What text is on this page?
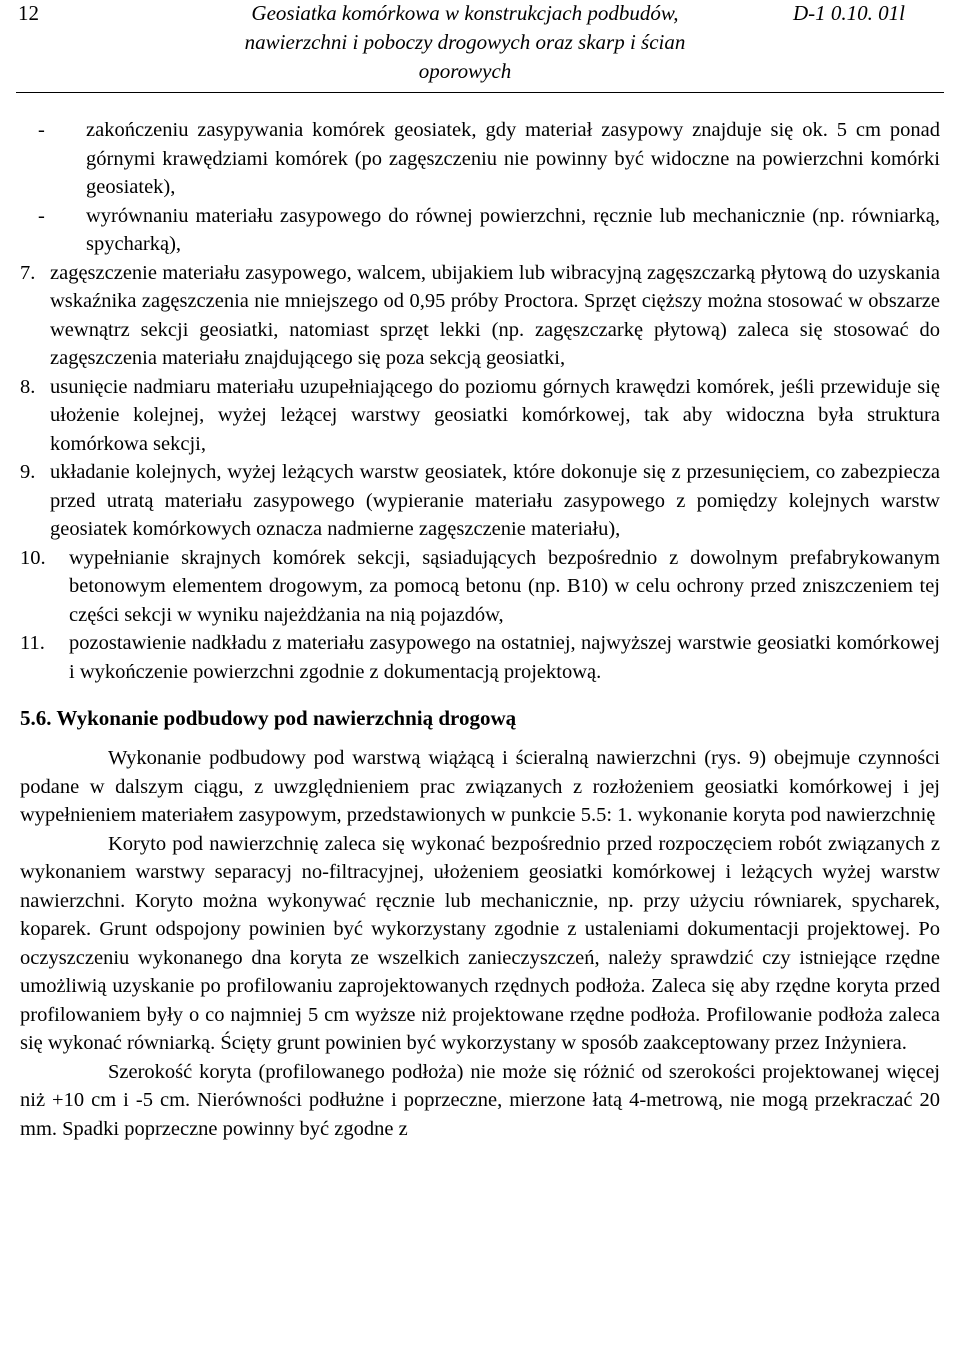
12	Geosiatka komórkowa w konstrukcjach podbudów, nawierzchni i poboczy drogowych oraz skarp i ścian oporowych
D-1 0.10. 01l
-	zakończeniu zasypywania komórek geosiatek, gdy materiał zasypowy znajduje się ok. 5 cm ponad górnymi krawędziami komórek (po zagęszczeniu nie powinny być widoczne na powierzchni komórki geosiatek),
- wyrównaniu materiału zasypowego do równej powierzchni, ręcznie lub mechanicznie (np. równiarką, spycharką),
7. zagęszczenie materiału zasypowego, walcem, ubijakiem lub wibracyjną zagęszczarką płytową do uzyskania wskaźnika zagęszczenia nie mniejszego od 0,95 próby Proctora. Sprzęt cięższy można stosować w obszarze wewnątrz sekcji geosiatki, natomiast sprzęt lekki (np. zagęszczarkę płytową) zaleca się stosować do zagęszczenia materiału znajdującego się poza sekcją geosiatki,
8. usunięcie nadmiaru materiału uzupełniającego do poziomu górnych krawędzi komórek, jeśli przewiduje się ułożenie kolejnej, wyżej leżącej warstwy geosiatki komórkowej, tak aby widoczna była struktura komórkowa sekcji,
9. układanie kolejnych, wyżej leżących warstw geosiatek, które dokonuje się z przesunięciem, co zabezpiecza przed utratą materiału zasypowego (wypieranie materiału zasypowego z pomiędzy kolejnych warstw geosiatek komórkowych oznacza nadmierne zagęszczenie materiału),
10. wypełnianie skrajnych komórek sekcji, sąsiadujących bezpośrednio z dowolnym prefabrykowanym betonowym elementem drogowym, za pomocą betonu (np. B10) w celu ochrony przed zniszczeniem tej części sekcji w wyniku najeżdżania na nią pojazdów,
11. pozostawienie nadkładu z materiału zasypowego na ostatniej, najwyższej warstwie geosiatki komórkowej i wykończenie powierzchni zgodnie z dokumentacją projektową.
5.6. Wykonanie podbudowy pod nawierzchnią drogową

Wykonanie podbudowy pod warstwą wiążącą i ścieralną nawierzchni (rys. 9) obejmuje czynności podane w dalszym ciągu, z uwzględnieniem prac związanych z rozłożeniem geosiatki komórkowej i jej wypełnieniem materiałem zasypowym, przedstawionych w punkcie 5.5: 1. wykonanie koryta pod nawierzchnię

Koryto pod nawierzchnię zaleca się wykonać bezpośrednio przed rozpoczęciem robót związanych z wykonaniem warstwy separacyj no-filtracyjnej, ułożeniem geosiatki komórkowej i leżących wyżej warstw nawierzchni. Koryto można wykonywać ręcznie lub mechanicznie, np. przy użyciu równiarek, spycharek, koparek. Grunt odspojony powinien być wykorzystany zgodnie z ustaleniami dokumentacji projektowej. Po oczyszczeniu wykonanego dna koryta ze wszelkich zanieczyszczeń, należy sprawdzić czy istniejące rzędne umożliwią uzyskanie po profilowaniu zaprojektowanych rzędnych podłoża. Zaleca się aby rzędne koryta przed profilowaniem były o co najmniej 5 cm wyższe niż projektowane rzędne podłoża. Profilowanie podłoża zaleca się wykonać równiarką. Ścięty grunt powinien być wykorzystany w sposób zaakceptowany przez Inżyniera.

Szerokość koryta (profilowanego podłoża) nie może się różnić od szerokości projektowanej więcej niż +10 cm i -5 cm. Nierówności podłużne i poprzeczne, mierzone łatą 4-metrową, nie mogą przekraczać 20 mm. Spadki poprzeczne powinny być zgodne z
